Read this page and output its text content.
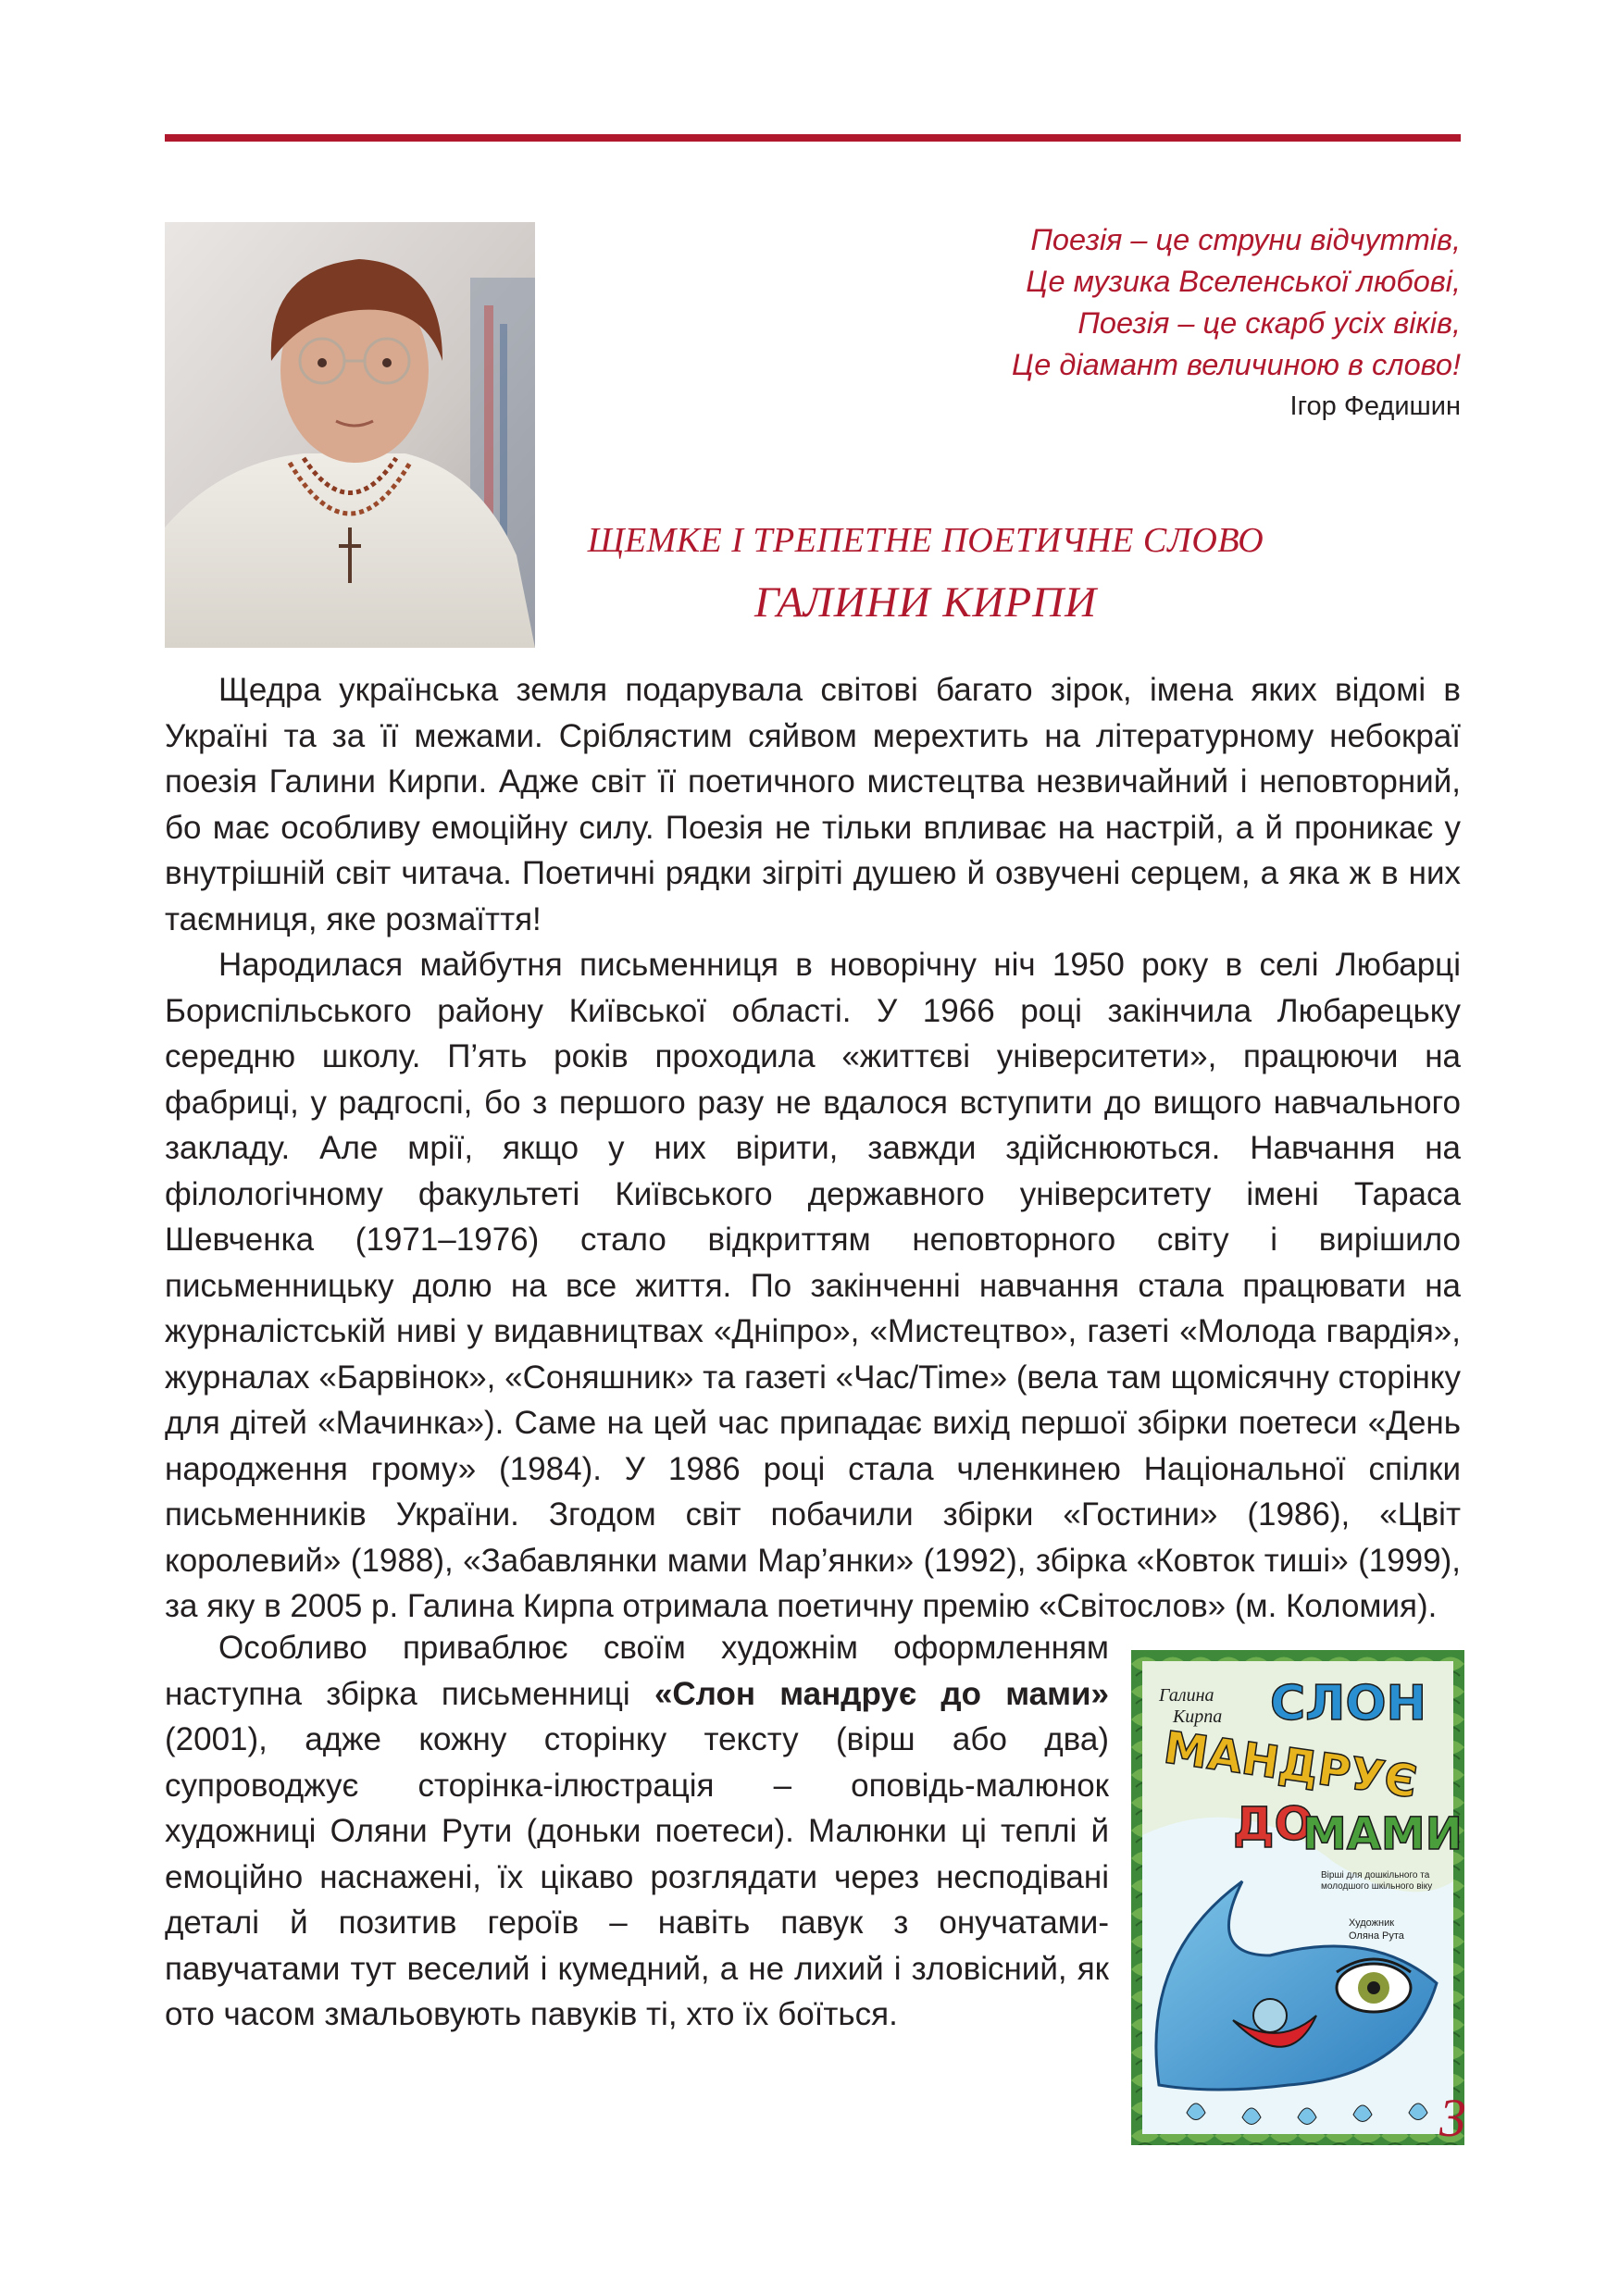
Поезія – це струни відчуттів,
Це музика Вселенської любові,
Поезія – це скарб усіх віків,
Це діамант величиною в слово!
Ігор Федишин
ЩЕМКЕ І ТРЕПЕТНЕ ПОЕТИЧНЕ СЛОВО
ГАЛИНИ КИРПИ

Щедра українська земля подарувала світові багато зірок, імена яких відомі в Україні та за її межами. Сріблястим сяйвом мерехтить на літературному небокраї поезія Галини Кирпи. Адже світ її поетичного мистецтва незвичайний і неповторний, бо має особливу емоційну силу. Поезія не тільки впливає на настрій, а й проникає у внутрішній світ читача. Поетичні рядки зігріті душею й озвучені серцем, а яка ж в них таємниця, яке розмаїття!

Народилася майбутня письменниця в новорічну ніч 1950 року в селі Любарці Бориспільського району Київської області. У 1966 році закінчила Любарецьку середню школу. П’ять років проходила «життєві університети», працюючи на фабриці, у радгоспі, бо з першого разу не вдалося вступити до вищого навчального закладу. Але мрії, якщо у них вірити, завжди здійснюються. Навчання на філологічному факультеті Київського державного університету імені Тараса Шевченка (1971–1976) стало відкриттям неповторного світу і вирішило письменницьку долю на все життя. По закінченні навчання стала працювати на журналістській ниві у видавництвах «Дніпро», «Мистецтво», газеті «Молода гвардія», журналах «Барвінок», «Соняшник» та газеті «Час/Time» (вела там щомісячну сторінку для дітей «Мачинка»). Саме на цей час припадає вихід першої збірки поетеси «День народження грому» (1984). У 1986 році стала членкинею Національної спілки письменників України. Згодом світ побачили збірки «Гостини» (1986), «Цвіт королевий» (1988), «Забавлянки мами Мар’янки» (1992), збірка «Ковток тиші» (1999), за яку в 2005 р. Галина Кирпа отримала поетичну премію «Світослов» (м. Коломия).

Особливо приваблює своїм художнім оформленням наступна збірка письменниці «Слон мандрує до мами» (2001), адже кожну сторінку тексту (вірш або два) супроводжує сторінка-ілюстрація – оповідь-малюнок художниці Оляни Рути (доньки поетеси). Малюнки ці теплі й емоційно наснажені, їх цікаво розглядати через несподівані деталі й позитив героїв – навіть павук з онучатами-павучатами тут веселий і кумедний, а не лихий і зловісний, як ото часом змальовують павуків ті, хто їх боїться.

Галина
Кирпа СЛОН
МАНДРУЄ
ДО
МАМИ
Вірші для дошкільного та молодшого шкільного віку
Художник
Оляна Рута
3
